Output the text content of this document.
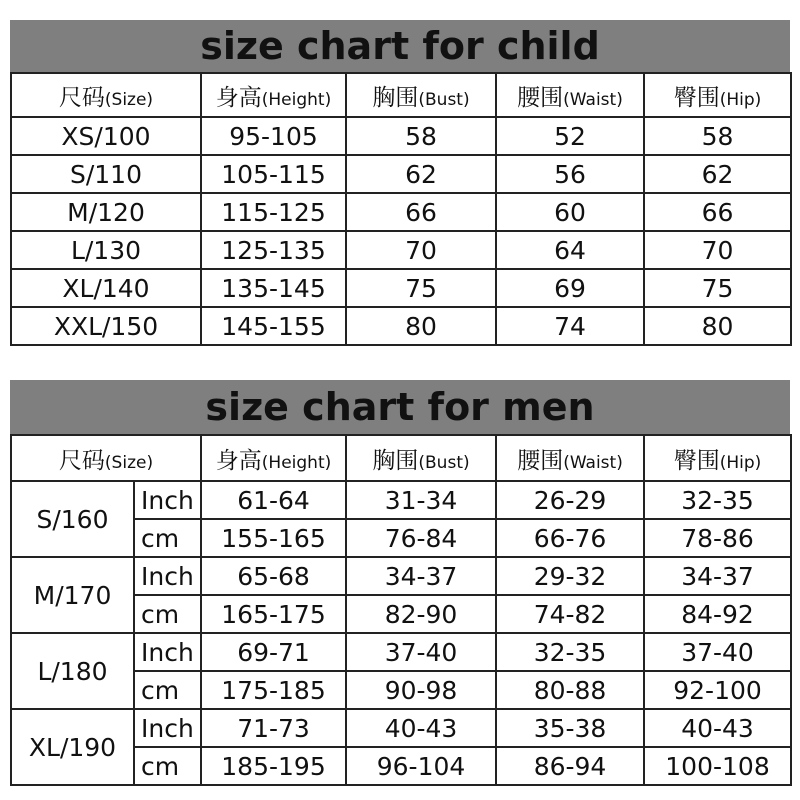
size chart for child
尺码(Size)	身高(Height)	胸围(Bust)	腰围(Waist)	臀围(Hip)
XS/100	95-105	58	52	58
S/110	105-115	62	56	62
M/120	115-125	66	60	66
L/130	125-135	70	64	70
XL/140	135-145	75	69	75
XXL/150	145-155	80	74	80
size chart for men
尺码(Size)		身高(Height)	胸围(Bust)	腰围(Waist)	臀围(Hip)
S/160	Inch	61-64	31-34	26-29	32-35
	cm	155-165	76-84	66-76	78-86
M/170	Inch	65-68	34-37	29-32	34-37
	cm	165-175	82-90	74-82	84-92
L/180	Inch	69-71	37-40	32-35	37-40
	cm	175-185	90-98	80-88	92-100
XL/190	Inch	71-73	40-43	35-38	40-43
	cm	185-195	96-104	86-94	100-108
